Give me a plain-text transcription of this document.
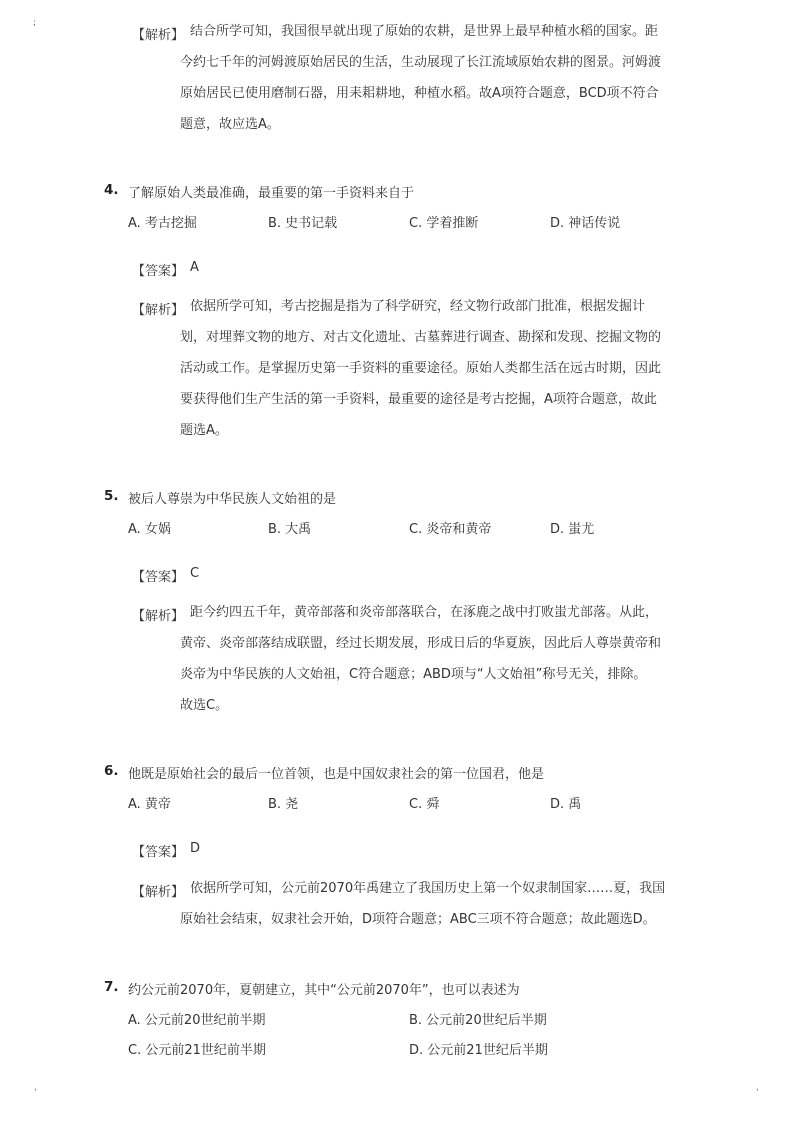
;
'	'
【解析】 结合所学可知，我国很早就出现了原始的农耕，是世界上最早种植水稻的国家。距
今约七千年的河姆渡原始居民的生活，生动展现了长江流域原始农耕的图景。河姆渡
原始居民已使用磨制石器，用耒耜耕地，种植水稻。故A项符合题意，BCD项不符合
题意，故应选A。
4. 了解原始人类最准确，最重要的第一手资料来自于
A. 考古挖掘	B. 史书记载	C. 学着推断	D. 神话传说
【答案】 A
【解析】 依据所学可知，考古挖掘是指为了科学研究，经文物行政部门批准，根据发掘计
划，对埋葬文物的地方、对古文化遗址、古墓葬进行调查、勘探和发现、挖掘文物的
活动或工作。是掌握历史第一手资料的重要途径。原始人类都生活在远古时期，因此
要获得他们生产生活的第一手资料，最重要的途径是考古挖掘，A项符合题意，故此
题选A。
5. 被后人尊崇为中华民族人文始祖的是
A. 女娲	B. 大禹	C. 炎帝和黄帝	D. 蚩尤
【答案】 C
【解析】 距今约四五千年，黄帝部落和炎帝部落联合，在涿鹿之战中打败蚩尤部落。从此，
黄帝、炎帝部落结成联盟，经过长期发展，形成日后的华夏族，因此后人尊崇黄帝和
炎帝为中华民族的人文始祖，C符合题意；ABD项与“人文始祖”称号无关，排除。
故选C。
6. 他既是原始社会的最后一位首领，也是中国奴隶社会的第一位国君，他是
A. 黄帝	B. 尧	C. 舜	D. 禹
【答案】 D
【解析】 依据所学可知，公元前2070年禹建立了我国历史上第一个奴隶制国家……夏，我国
原始社会结束，奴隶社会开始，D项符合题意；ABC三项不符合题意；故此题选D。
7. 约公元前2070年，夏朝建立，其中“公元前2070年”，也可以表述为
A. 公元前20世纪前半期	B. 公元前20世纪后半期
C. 公元前21世纪前半期	D. 公元前21世纪后半期
